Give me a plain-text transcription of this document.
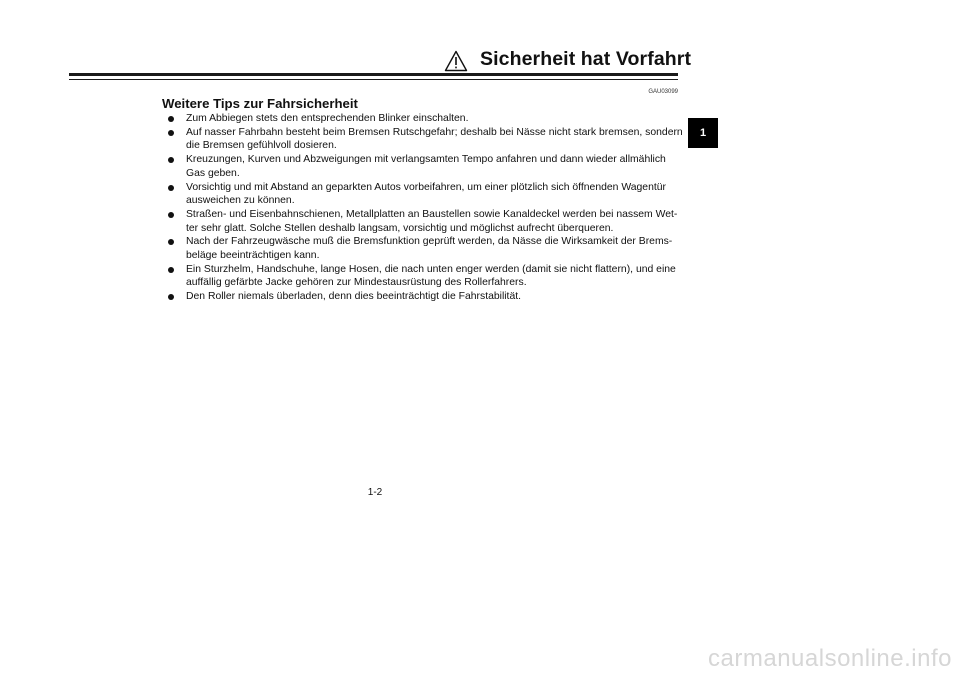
Sicherheit hat Vorfahrt
GAU03099
Weitere Tips zur Fahrsicherheit
Zum Abbiegen stets den entsprechenden Blinker einschalten.
Auf nasser Fahrbahn besteht beim Bremsen Rutschgefahr; deshalb bei Nässe nicht stark bremsen, sondern
die Bremsen gefühlvoll dosieren.
Kreuzungen, Kurven und Abzweigungen mit verlangsamten Tempo anfahren und dann wieder allmählich
Gas geben.
Vorsichtig und mit Abstand an geparkten Autos vorbeifahren, um einer plötzlich sich öffnenden Wagentür
ausweichen zu können.
Straßen- und Eisenbahnschienen, Metallplatten an Baustellen sowie Kanaldeckel werden bei nassem Wet-
ter sehr glatt. Solche Stellen deshalb langsam, vorsichtig und möglichst aufrecht überqueren.
Nach der Fahrzeugwäsche muß die Bremsfunktion geprüft werden, da Nässe die Wirksamkeit der Brems-
beläge beeinträchtigen kann.
Ein Sturzhelm, Handschuhe, lange Hosen, die nach unten enger werden (damit sie nicht flattern), und eine
auffällig gefärbte Jacke gehören zur Mindestausrüstung des Rollerfahrers.
Den Roller niemals überladen, denn dies beeinträchtigt die Fahrstabilität.
1
1-2
carmanualsonline.info
